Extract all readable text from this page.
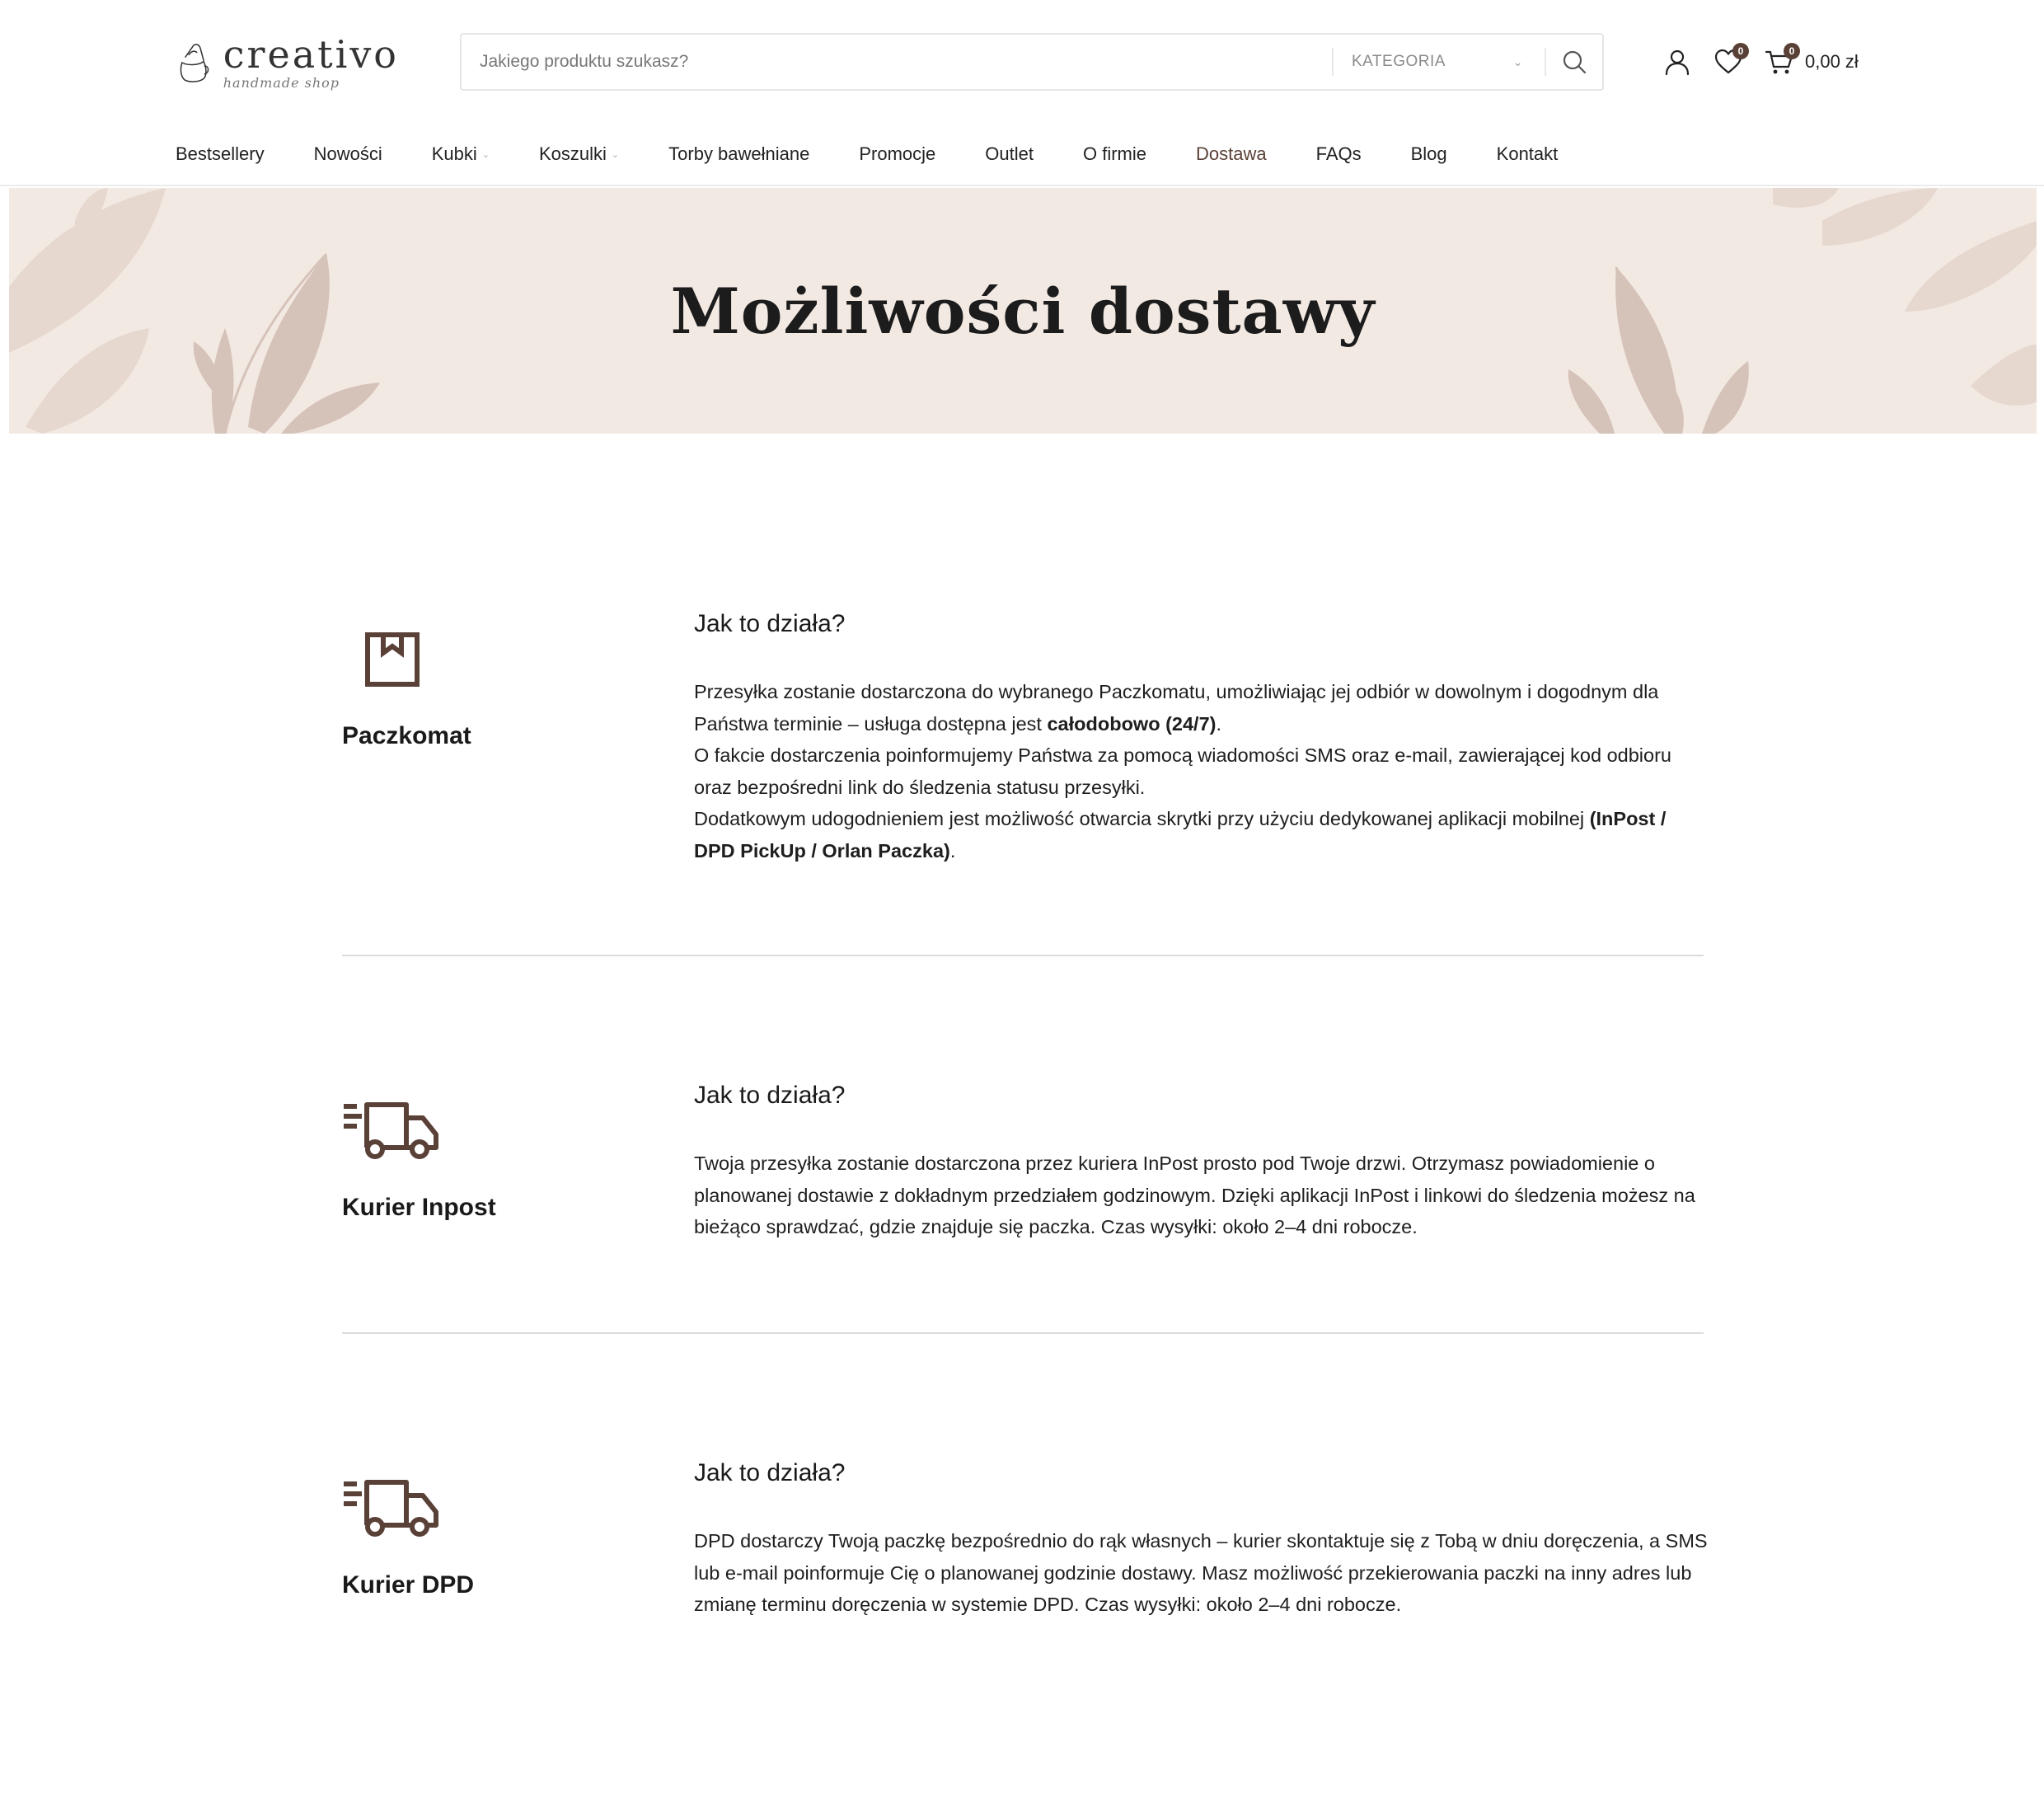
creativo
handmade shop
Jakiego produktu szukasz?
KATEGORIA	⌄
0	0 0,00 zł
Bestsellery	Nowości	Kubki ⌄	Koszulki ⌄	Torby bawełniane	Promocje	Outlet	O firmie	Dostawa	FAQs	Blog	Kontakt
Możliwości dostawy
Paczkomat
Jak to działa?

Przesyłka zostanie dostarczona do wybranego Paczkomatu, umożliwiając jej odbiór w dowolnym i dogodnym dla Państwa terminie – usługa dostępna jest całodobowo (24/7).

O fakcie dostarczenia poinformujemy Państwa za pomocą wiadomości SMS oraz e-mail, zawierającej kod odbioru oraz bezpośredni link do śledzenia statusu przesyłki.

Dodatkowym udogodnieniem jest możliwość otwarcia skrytki przy użyciu dedykowanej aplikacji mobilnej (InPost / DPD PickUp / Orlan Paczka).

Kurier Inpost
Jak to działa?
Twoja przesyłka zostanie dostarczona przez kuriera InPost prosto pod Twoje drzwi. Otrzymasz powiadomienie o planowanej dostawie z dokładnym przedziałem godzinowym. Dzięki aplikacji InPost i linkowi do śledzenia możesz na bieżąco sprawdzać, gdzie znajduje się paczka. Czas wysyłki: około 2–4 dni robocze.
Kurier DPD
Jak to działa?
DPD dostarczy Twoją paczkę bezpośrednio do rąk własnych – kurier skontaktuje się z Tobą w dniu doręczenia, a SMS lub e-mail poinformuje Cię o planowanej godzinie dostawy. Masz możliwość przekierowania paczki na inny adres lub zmianę terminu doręczenia w systemie DPD. Czas wysyłki: około 2–4 dni robocze.
